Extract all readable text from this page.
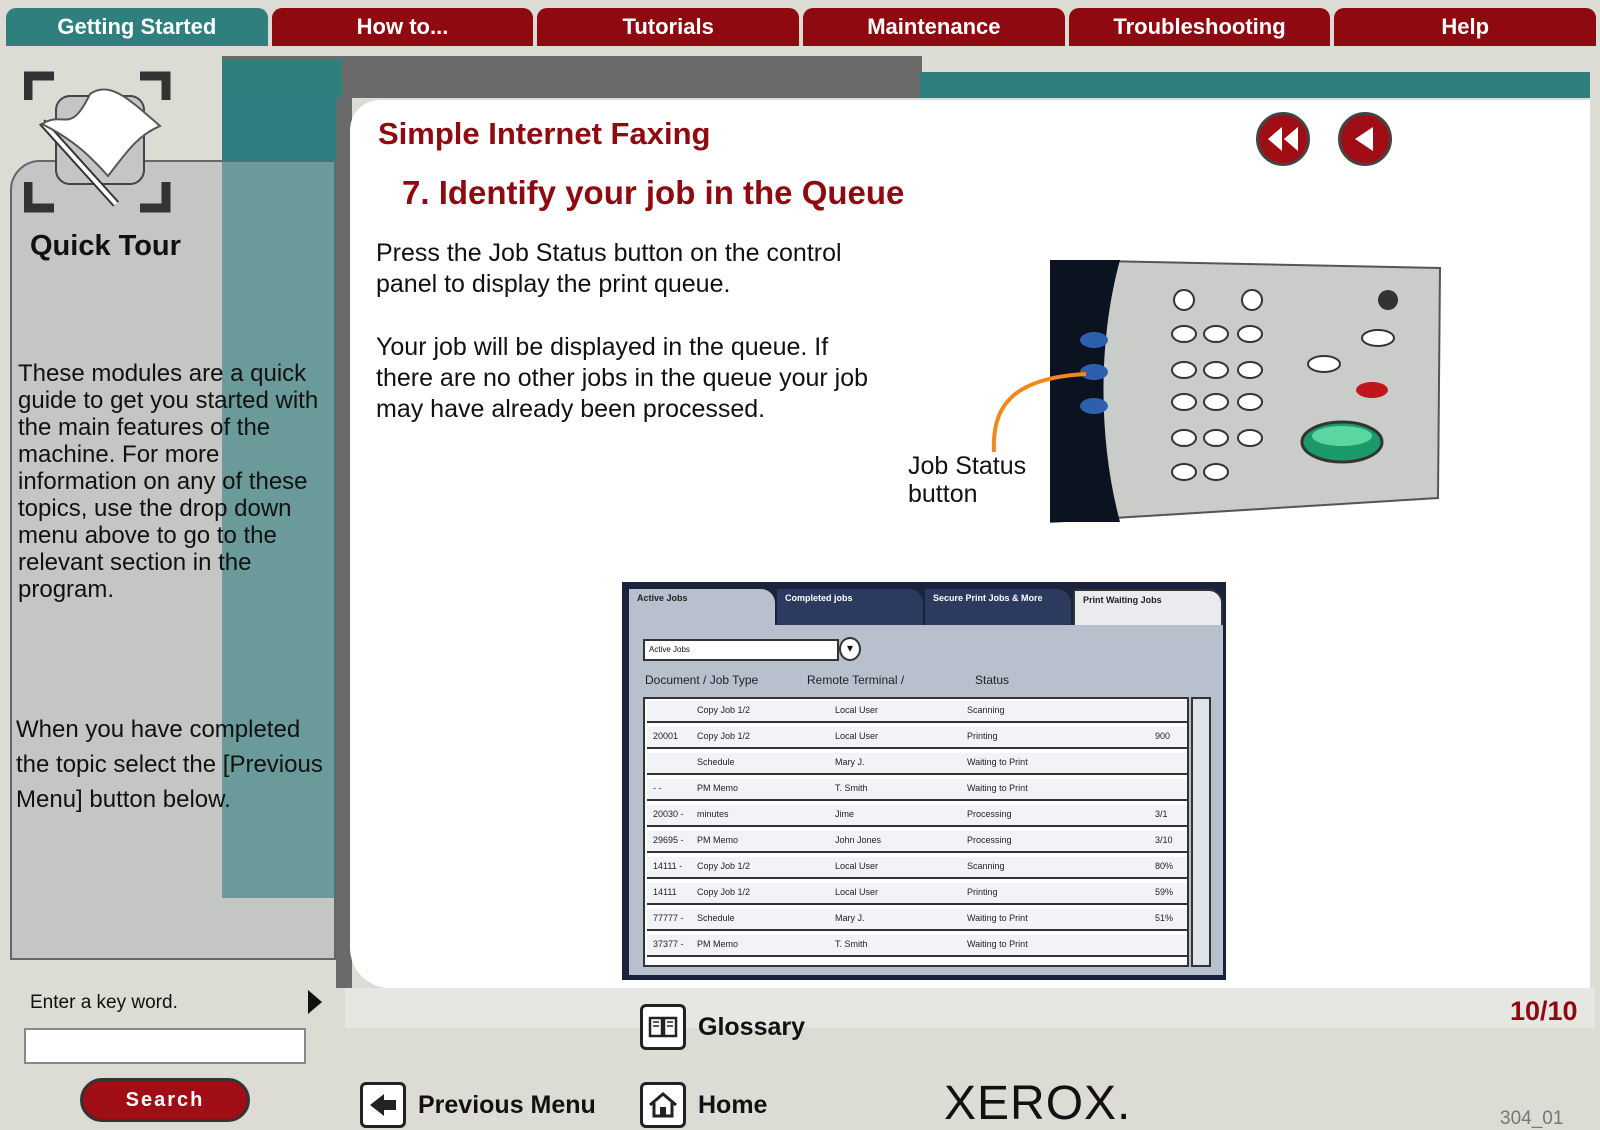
Getting Started	How to...	Tutorials	Maintenance	Troubleshooting	Help
Quick Tour
These modules are a quick guide to get you started with the main features of the machine. For more information on any of these topics, use the drop down menu above to go to the relevant section in the program.
When you have completed the topic select the [Previous Menu] button below.
Enter a key word.
Search
Simple Internet Faxing
7. Identify your job in the Queue
Press the Job Status button on the control panel to display the print queue.
Your job will be displayed in the queue. If there are no other jobs in the queue your job may have already been processed.
Job Status button
Active Jobs	Completed jobs	Secure Print Jobs & More	Print Waiting Jobs
Active Jobs	▾
Document / Job Type	Remote Terminal /	Status
Copy Job 1/2	Local User	Scanning
20001 Copy Job 1/2	Local User	Printing	900
Schedule	Mary J.	Waiting to Print
- -	PM Memo	T. Smith	Waiting to Print
20030 - minutes	Jime	Processing	3/1
29695 - PM Memo	John Jones	Processing	3/10
14111 - Copy Job 1/2	Local User	Scanning	80%
14111 Copy Job 1/2	Local User	Printing	59%
77777 - Schedule	Mary J.	Waiting to Print	51%
37377 - PM Memo	T. Smith	Waiting to Print
10/10
Glossary
Previous Menu	Home	XEROX.	304_01
